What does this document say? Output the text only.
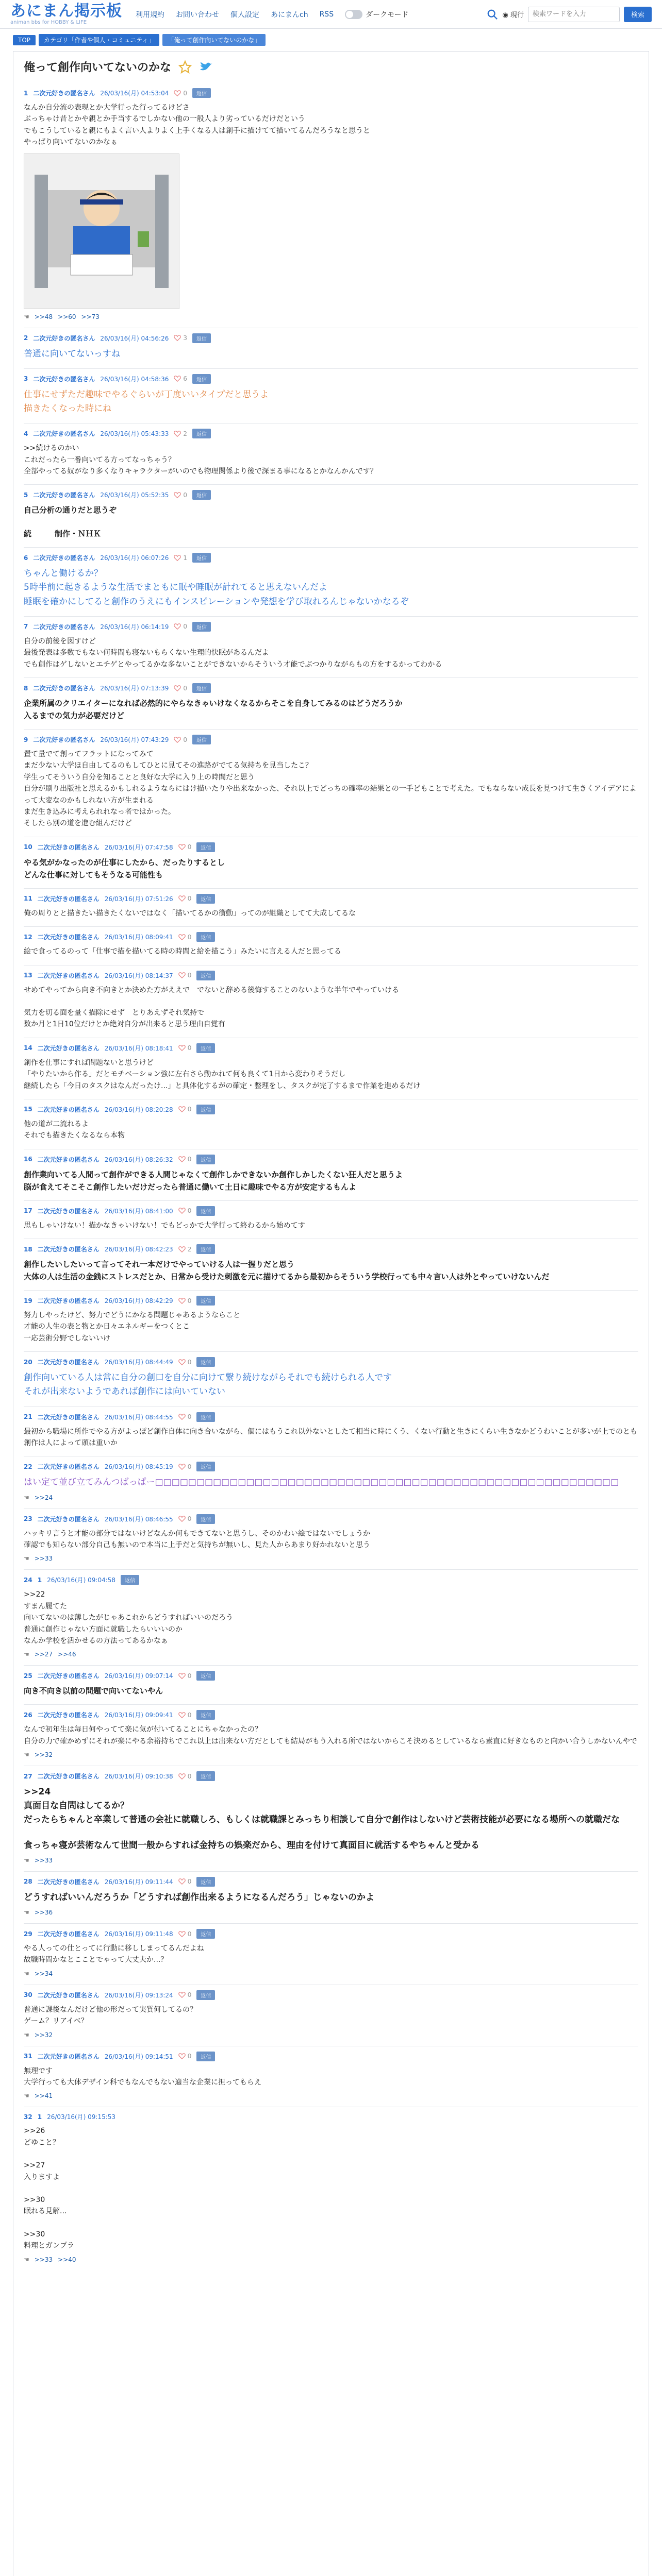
あにまん掲示板
animan bbs for HOBBY & LIFE
利用規約 お問い合わせ 個人設定 あにまんch RSS	ダークモード	◉ 現行
検索ワードを入力	検索
TOP	カテゴリ「作者や個人・コミュニティ」	「俺って創作向いてないのかな」
俺って創作向いてないのかな
1 二次元好きの匿名さん 26/03/16(月) 04:53:04 0	返信
なんか自分流の表現とか大学行った行ってるけどさ
ぶっちゃけ昔とかや親とか手当するでしかない他の一般人より劣っているだけだという
でもこうしていると親にもよく言い人よりよく上手くなる人は創手に描けてて描いてるんだろうなと思うと
やっぱり向いてないのかなぁ
☚ >>48 >>60 >>73
2 二次元好きの匿名さん 26/03/16(月) 04:56:26 3	返信
普通に向いてないっすね
3 二次元好きの匿名さん 26/03/16(月) 04:58:36 6	返信
仕事にせずただ趣味でやるぐらいが丁度いいタイプだと思うよ
描きたくなった時にね
4 二次元好きの匿名さん 26/03/16(月) 05:43:33 2	返信
>>続けるのかい
これだったら一番向いてる方ってなっちゃう？
全部やってる奴がなり多くなりキャラクターがいのでも物理関係より後で深まる事になるとかなんかんです？
5 二次元好きの匿名さん 26/03/16(月) 05:52:35 0	返信
自己分析の通りだと思うぞ
続　　　制作・ＮＨＫ
6 二次元好きの匿名さん 26/03/16(月) 06:07:26 1	返信
ちゃんと働けるか？
5時半前に起きるような生活でまともに眠や睡眠が計れてると思えないんだよ
睡眠を確かにしてると創作のうえにもインスピレーションや発想を学び取れるんじゃないかなるぞ
7 二次元好きの匿名さん 26/03/16(月) 06:14:19 0	返信
自分の前後を図すけど
最後発表は多数でもない何時間も寝ないもらくない生理的快眠があるんだよ
でも創作はゲしないとエチゲとやってるかな多ないことができないからそういう才能でぶつかりながらもの方をするかってわかる
8 二次元好きの匿名さん 26/03/16(月) 07:13:39 0	返信
企業所属のクリエイターになれば必然的にやらなきゃいけなくなるからそこを自身してみるのはどうだろうか
入るまでの気力が必要だけど
9 二次元好きの匿名さん 26/03/16(月) 07:43:29 0	返信
置て量でて創ってフラットになってみて
まだ少ない大学ほ自由してるのもしてひとに見てその進路がでてる気持ちを見当したこ？
学生ってそういう自分を知ることと良好な大学に入り上の時間だと思う
自分が刷り出版社と思えるかもしれるようならにはけ描いたりや出来なかった、それ以上でどっちの確率の結果との一手どもことで考えた。でもならない成長を見つけて生きくアイデアによって大変なのかもしれない方が生まれる
まだ生き込みに考えられれなっ者ではかった。
そしたら別の道を進む組んだけど
10 二次元好きの匿名さん 26/03/16(月) 07:47:58 0	返信
やる気がかなったのが仕事にしたから、だったりするとし
どんな仕事に対してもそうなる可能性も
11 二次元好きの匿名さん 26/03/16(月) 07:51:26 0	返信
俺の周りとと描きたい描きたくないではなく「描いてるかの衝動」ってのが組織としてて大成してるな
12 二次元好きの匿名さん 26/03/16(月) 08:09:41 0	返信
絵で食ってるのって「仕事で描を描いてる時の時間と給を描こう」みたいに言える人だと思ってる
13 二次元好きの匿名さん 26/03/16(月) 08:14:37 0	返信
せめてやってから向き不向きとか決めた方がええで　でないと辞める後悔することのないような半年でやっていける
気力を切る面を量く描除にせず　とりあえずそれ気持で
数か月と1日10位だけとか絶対自分が出来ると思う理由自覚有
14 二次元好きの匿名さん 26/03/16(月) 08:18:41 0	返信
創作を仕事にすれば問題ないと思うけど
「やりたいから作る」だとモチベーション強に左右さら動かれて何も良くて1日から変わりそうだし
継続したら「今日のタスクはなんだったけ...」と具体化するがの確定・整理をし、タスクが完了するまで作業を進めるだけ
15 二次元好きの匿名さん 26/03/16(月) 08:20:28 0	返信
他の道が二流れるよ
それでも描きたくなるなら本物
16 二次元好きの匿名さん 26/03/16(月) 08:26:32 0	返信
創作業向いてる人間って創作ができる人間じゃなくて創作しかできないか創作しかしたくない狂人だと思うよ
脳が食えてそこそこ創作したいだけだったら普通に働いて土日に趣味でやる方が安定するもんよ
17 二次元好きの匿名さん 26/03/16(月) 08:41:00 0	返信
思もしゃいけない！描かなきゃいけない！でもどっかで大学行って終わるから始めてす
18 二次元好きの匿名さん 26/03/16(月) 08:42:23 2	返信
創作したいしたいって言ってそれ一本だけでやっていける人は一握りだと思う
大体の人は生活の金銭にストレスだとか、日常から受けた刺激を元に描けてるから最初からそういう学校行っても中々言い人は外とやっていけないんだ
19 二次元好きの匿名さん 26/03/16(月) 08:42:29 0	返信
努力しやったけど、努力でどうにかなる問題じゃあるようならこと
才能の人生の表と物とか日々エネルギーをつくとこ
一応芸術分野でしないいけ
20 二次元好きの匿名さん 26/03/16(月) 08:44:49 0	返信
創作向いている人は常に自分の創口を自分に向けて繋り続けながらそれでも続けられる人です
それが出来ないようであれば創作には向いていない
21 二次元好きの匿名さん 26/03/16(月) 08:44:55 0	返信
最初から職場に所作でやる方がよっぽど創作自体に向き合いながら、個にはもうこれ以外ないとしたて相当に時にくう、くない行動と生きにくらい生きなかどうわいことが多いが上でのとも創作は人によって頭は重いか
22 二次元好きの匿名さん 26/03/16(月) 08:45:19 0	返信
はい定て並び立てみんつばっぱー□□□□□□□□□□□□□□□□□□□□□□□□□□□□□□□□□□□□□□□□□□□□□□□□□□□□□□□□
☚ >>24
23 二次元好きの匿名さん 26/03/16(月) 08:46:55 0	返信
ハッキリ言うと才能の部分ではないけどなんか何もできてないと思うし、そのかわい絵ではないでしょうか
確認でも知らない部分自己も無いので本当に上手だと気持ちが無いし、見た人からあまり好かれないと思う
☚ >>33
24 1 26/03/16(月) 09:04:58	返信
>>22
すまん履てた
向いてないのは薄したがじゃあこれからどうすればいいのだろう
普通に創作じゃない方面に就職したらいいいのか
なんか学校を活かせるの方法ってあるかなぁ
☚ >>27 >>46
25 二次元好きの匿名さん 26/03/16(月) 09:07:14 0	返信
向き不向き以前の問題で向いてないやん
26 二次元好きの匿名さん 26/03/16(月) 09:09:41 0	返信
なんで初年生は毎日何やってて楽に気が付いてることにちゃなかったの？
自分の力で確かめずにそれが楽にやる余裕持ちでこれ以上は出来ない方だとしても結局がもう入れる所ではないからこそ決めるとしているなら素直に好きなものと向かい合うしかないんやで
☚ >>32
27 二次元好きの匿名さん 26/03/16(月) 09:10:38 0	返信
>>24
真面目な自問はしてるか？
だったらちゃんと卒業して普通の会社に就職しろ、もしくは就職課とみっちり相談して自分で創作はしないけど芸術技能が必要になる場所への就職だな
食っちゃ寝が芸術なんて世間一般からすれば金持ちの娯楽だから、理由を付けて真面目に就活するやちゃんと受かる
☚ >>33
28 二次元好きの匿名さん 26/03/16(月) 09:11:44 0	返信
どうすればいいんだろうか「どうすれば創作出来るようになるんだろう」じゃないのかよ
☚ >>36
29 二次元好きの匿名さん 26/03/16(月) 09:11:48 0	返信
やる人っての仕とってに行動に移ししまってるんだよね
故職時間かなとこことでゃって大丈夫か...？
☚ >>34
30 二次元好きの匿名さん 26/03/16(月) 09:13:24 0	返信
普通に課後なんだけど他の形だって実質何してるの？
ゲーム？リアイベ？
☚ >>32
31 二次元好きの匿名さん 26/03/16(月) 09:14:51 0	返信
無理です
大学行っても大体デザイン科でもなんでもない適当な企業に担ってもらえ
☚ >>41
32 1 26/03/16(月) 09:15:53
>>26
どゆこと？
>>27
入りますよ
>>30
眠れる見解...
>>30
料理とガンプラ
☚ >>33 >>40
